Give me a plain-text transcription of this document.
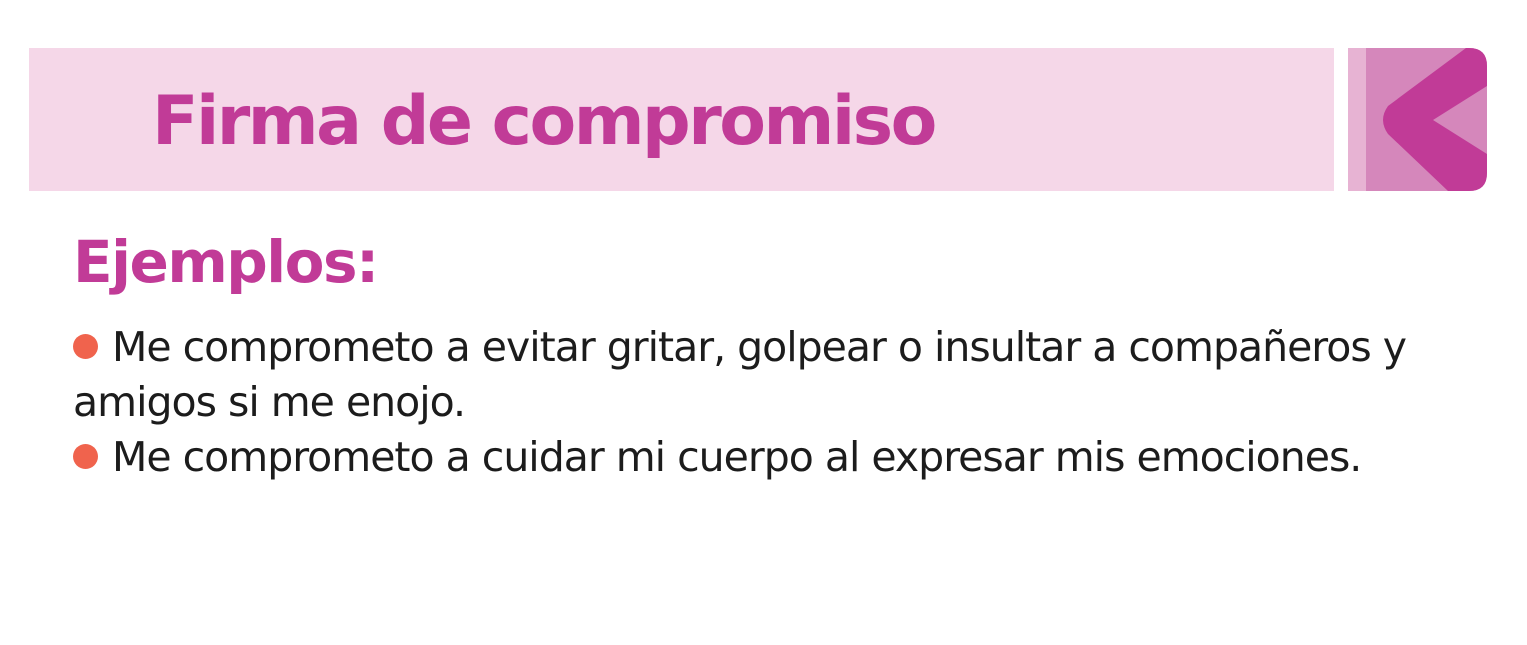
Firma de compromiso
Ejemplos:
Me comprometo a evitar gritar, golpear o insultar a compañeros y amigos si me enojo.
Me comprometo a cuidar mi cuerpo al expresar mis emociones.
